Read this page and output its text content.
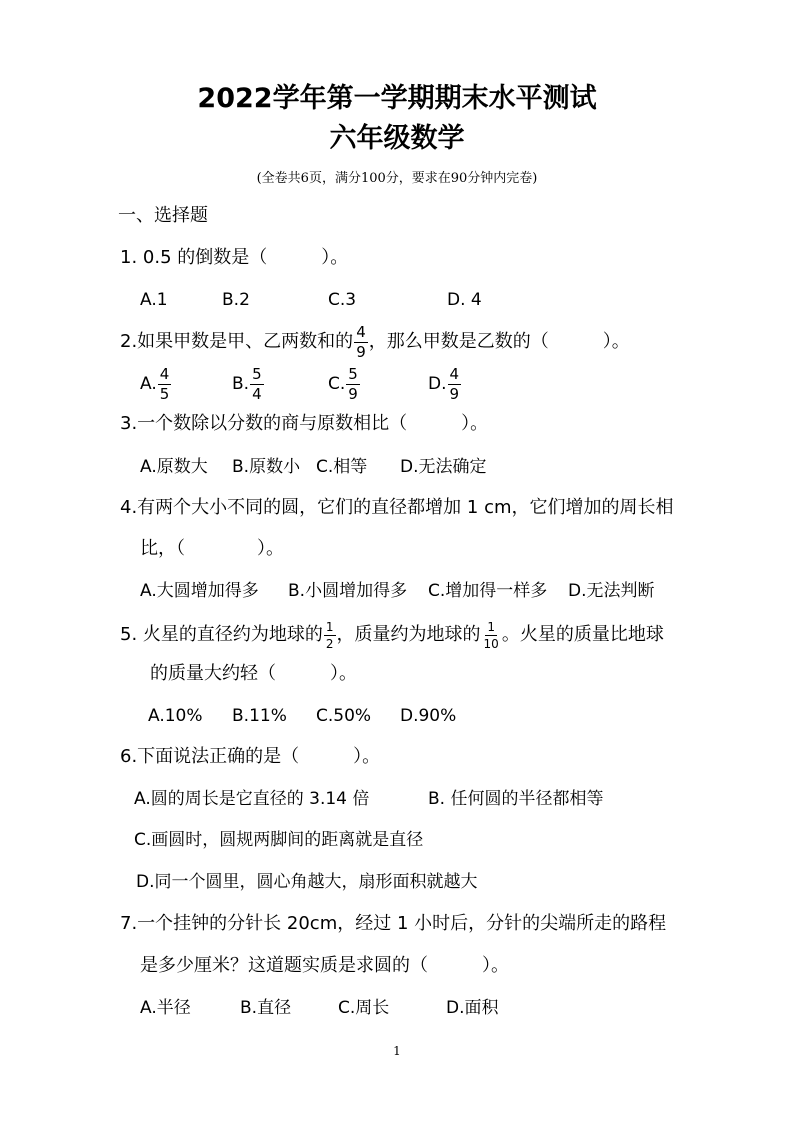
2022学年第一学期期末水平测试
六年级数学
(全卷共6页，满分100分，要求在90分钟内完卷)
一、选择题
1. 0.5 的倒数是（　　　）。
A.1	B.2	C.3	D. 4
2.如果甲数是甲、乙两数和的 $\frac{4}{9}$ ，那么甲数是乙数的（　　　）。
A. $\frac{4}{5}$	B. $\frac{5}{4}$	C. $\frac{5}{9}$	D. $\frac{4}{9}$
3.一个数除以分数的商与原数相比（　　　）。
A.原数大 B.原数小 C.相等 D.无法确定
4.有两个大小不同的圆，它们的直径都增加 1 cm，它们增加的周长相
比，（　　　　）。
A.大圆增加得多 B.小圆增加得多 C.增加得一样多 D.无法判断
5. 火星的直径约为地球的 $\frac{1}{2}$ ，质量约为地球的 $\frac{1}{10}$ 。火星的质量比地球
的质量大约轻（　　　）。
A.10% B.11% C.50% D.90%
6.下面说法正确的是（　　　）。
A.圆的周长是它直径的 3.14 倍	B. 任何圆的半径都相等
C.画圆时，圆规两脚间的距离就是直径
D.同一个圆里，圆心角越大，扇形面积就越大
7.一个挂钟的分针长 20cm，经过 1 小时后，分针的尖端所走的路程
是多少厘米？这道题实质是求圆的（　　　）。
A.半径	B.直径	C.周长	D.面积
1
